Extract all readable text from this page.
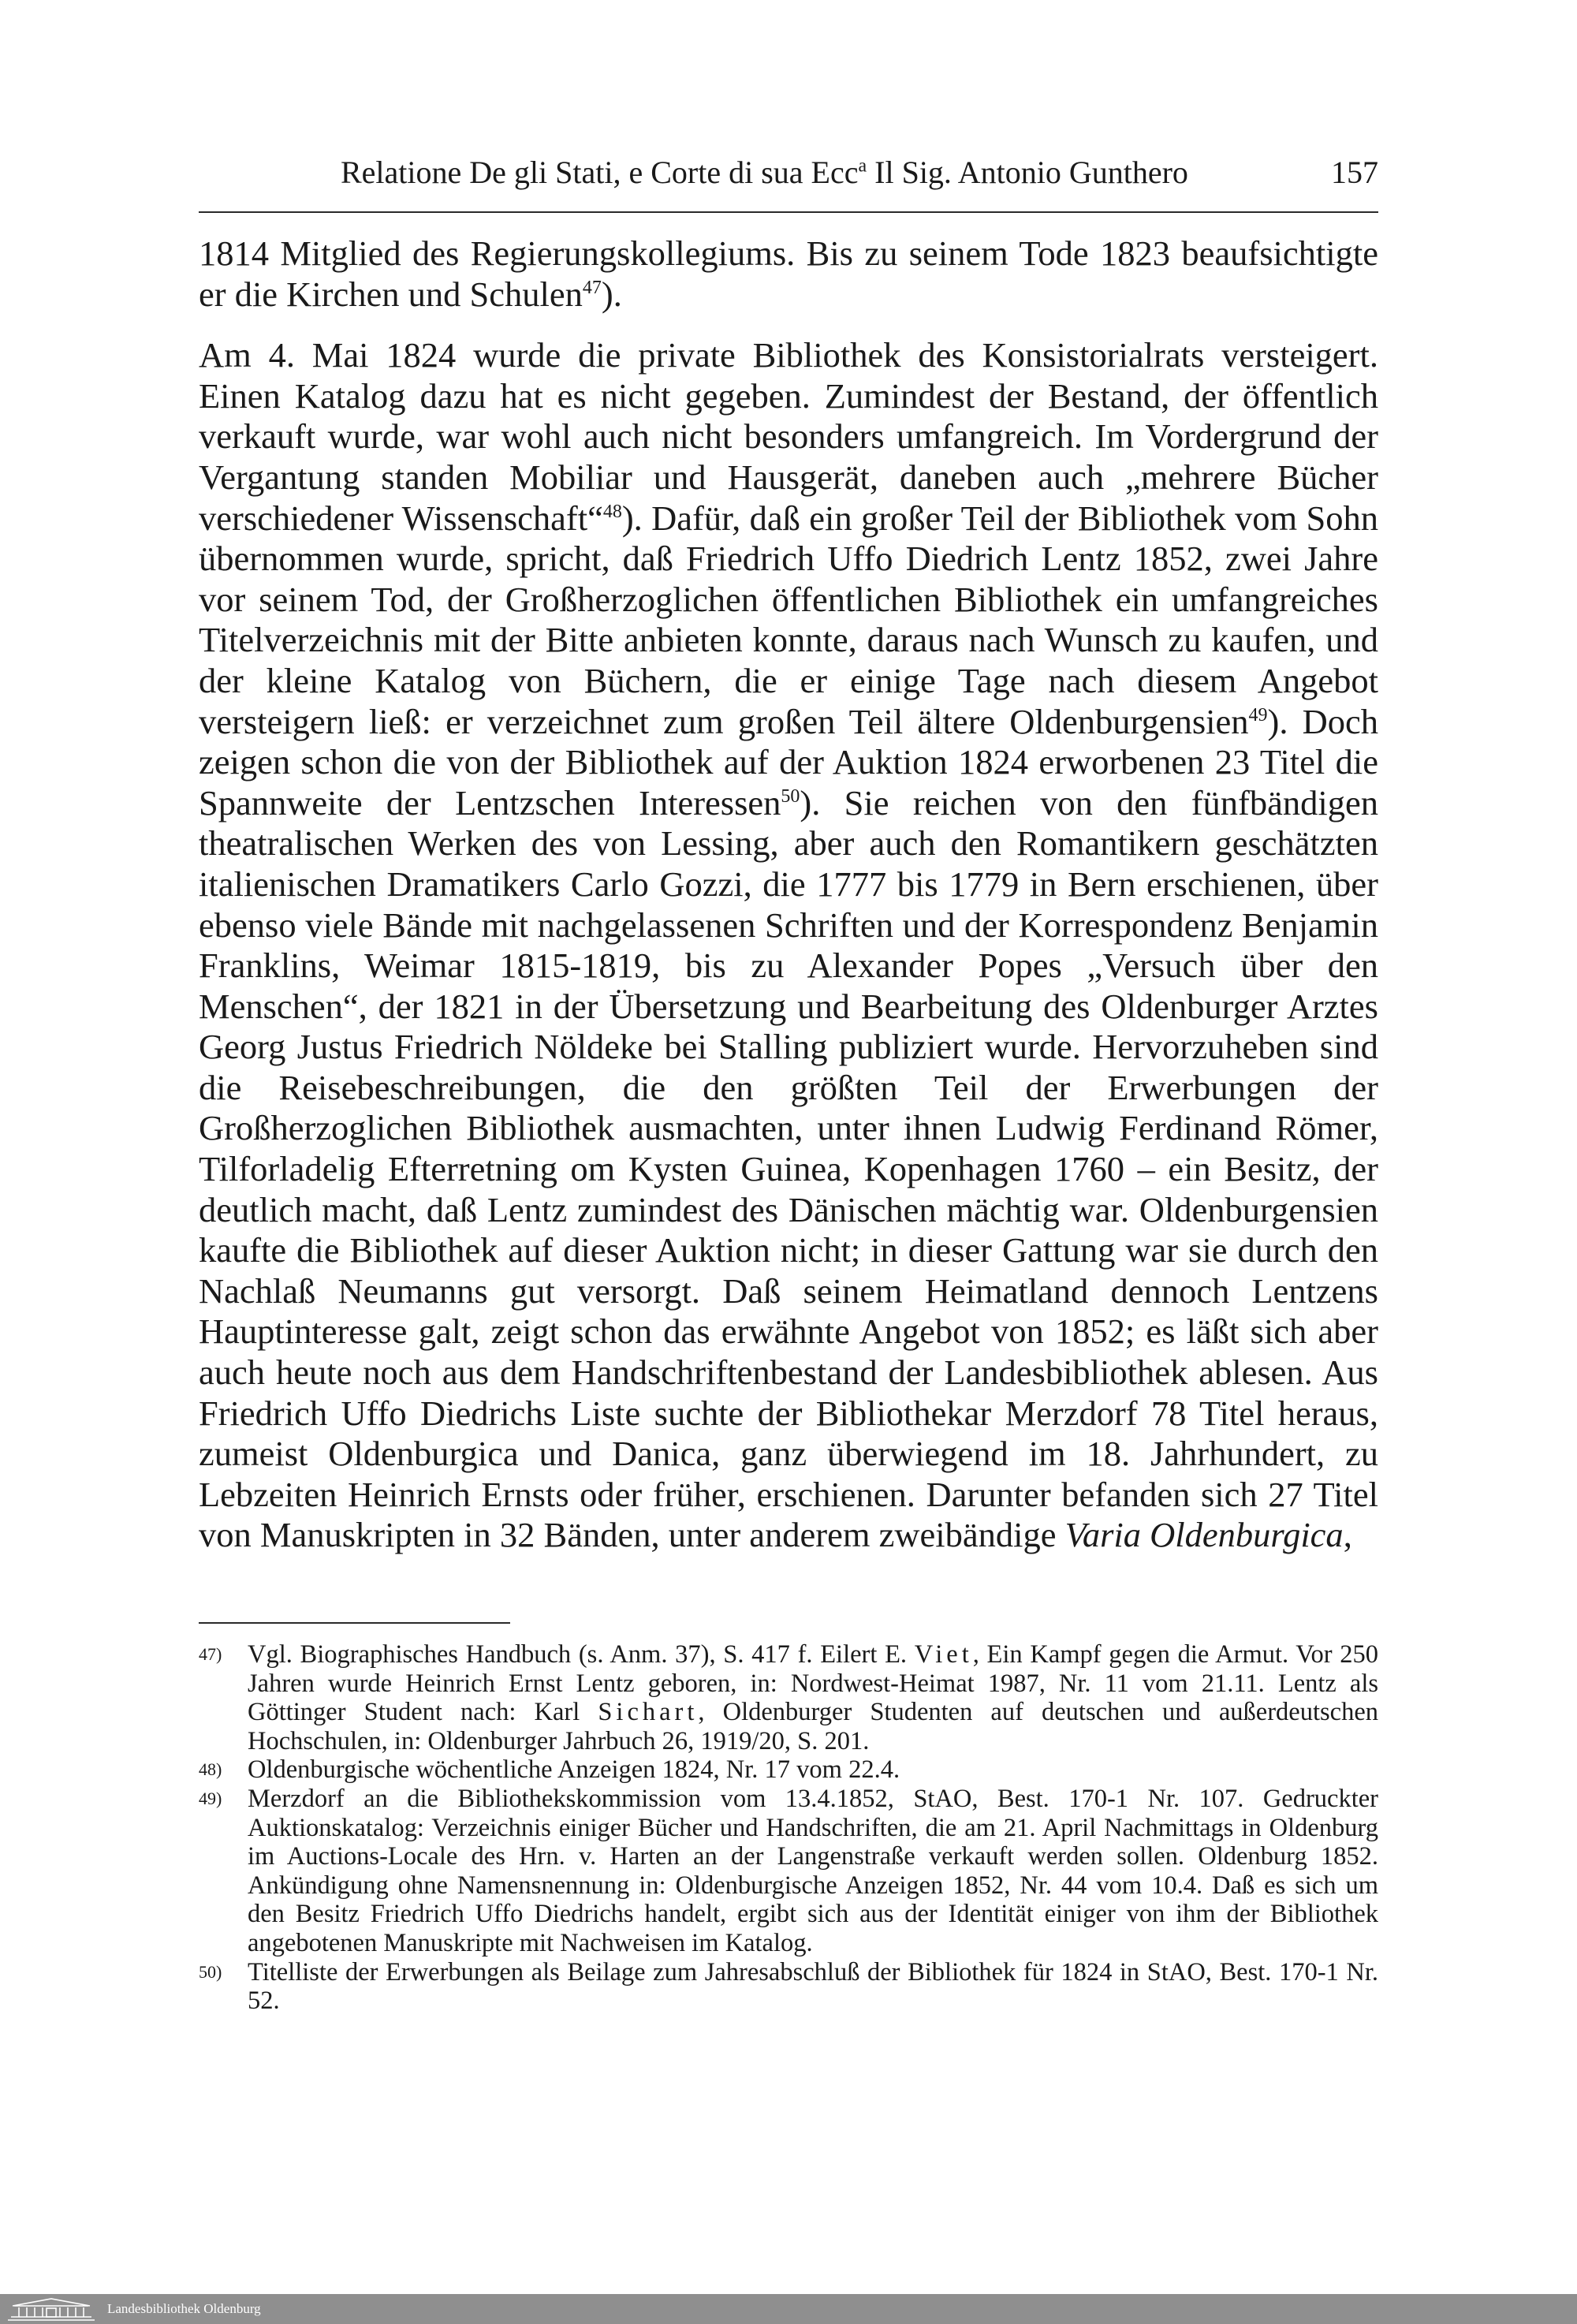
Relatione De gli Stati, e Corte di sua Ecc$^a$ Il Sig. Antonio Gunthero	157

1814 Mitglied des Regierungskollegiums. Bis zu seinem Tode 1823 beaufsichtigte er die Kirchen und Schulen$^{47}$).

Am 4. Mai 1824 wurde die private Bibliothek des Konsistorialrats versteigert. Einen Katalog dazu hat es nicht gegeben. Zumindest der Bestand, der öffentlich verkauft wurde, war wohl auch nicht besonders umfangreich. Im Vordergrund der Vergantung standen Mobiliar und Hausgerät, daneben auch „mehrere Bücher verschiedener Wissenschaft“$^{48}$). Dafür, daß ein großer Teil der Bibliothek vom Sohn übernommen wurde, spricht, daß Friedrich Uffo Diedrich Lentz 1852, zwei Jahre vor seinem Tod, der Großherzoglichen öffentlichen Bibliothek ein umfangreiches Titelverzeichnis mit der Bitte anbieten konnte, daraus nach Wunsch zu kaufen, und der kleine Katalog von Büchern, die er einige Tage nach diesem Angebot versteigern ließ: er verzeichnet zum großen Teil ältere Oldenburgensien$^{49}$). Doch zeigen schon die von der Bibliothek auf der Auktion 1824 erworbenen 23 Titel die Spannweite der Lentzschen Interessen$^{50}$). Sie reichen von den fünfbändigen theatralischen Werken des von Lessing, aber auch den Romantikern geschätzten italienischen Dramatikers Carlo Gozzi, die 1777 bis 1779 in Bern erschienen, über ebenso viele Bände mit nachgelassenen Schriften und der Korrespondenz Benjamin Franklins, Weimar 1815-1819, bis zu Alexander Popes „Versuch über den Menschen“, der 1821 in der Übersetzung und Bearbeitung des Oldenburger Arztes Georg Justus Friedrich Nöldeke bei Stalling publiziert wurde. Hervorzuheben sind die Reisebeschreibungen, die den größten Teil der Erwerbungen der Großherzoglichen Bibliothek ausmachten, unter ihnen Ludwig Ferdinand Römer, Tilforladelig Efterretning om Kysten Guinea, Kopenhagen 1760 – ein Besitz, der deutlich macht, daß Lentz zumindest des Dänischen mächtig war. Oldenburgensien kaufte die Bibliothek auf dieser Auktion nicht; in dieser Gattung war sie durch den Nachlaß Neumanns gut versorgt. Daß seinem Heimatland dennoch Lentzens Hauptinteresse galt, zeigt schon das erwähnte Angebot von 1852; es läßt sich aber auch heute noch aus dem Handschriftenbestand der Landesbibliothek ablesen. Aus Friedrich Uffo Diedrichs Liste suchte der Bibliothekar Merzdorf 78 Titel heraus, zumeist Oldenburgica und Danica, ganz überwiegend im 18. Jahrhundert, zu Lebzeiten Heinrich Ernsts oder früher, erschienen. Darunter befanden sich 27 Titel von Manuskripten in 32 Bänden, unter anderem zweibändige Varia Oldenburgica,

47) Vgl. Biographisches Handbuch (s. Anm. 37), S. 417 f. Eilert E. Viet, Ein Kampf gegen die Armut. Vor 250 Jahren wurde Heinrich Ernst Lentz geboren, in: Nordwest-Heimat 1987, Nr. 11 vom 21.11. Lentz als Göttinger Student nach: Karl Sichart, Oldenburger Studenten auf deutschen und außerdeutschen Hochschulen, in: Oldenburger Jahrbuch 26, 1919/20, S. 201.
48) Oldenburgische wöchentliche Anzeigen 1824, Nr. 17 vom 22.4.
49) Merzdorf an die Bibliothekskommission vom 13.4.1852, StAO, Best. 170-1 Nr. 107. Gedruckter Auktionskatalog: Verzeichnis einiger Bücher und Handschriften, die am 21. April Nachmittags in Oldenburg im Auctions-Locale des Hrn. v. Harten an der Langenstraße verkauft werden sollen. Oldenburg 1852. Ankündigung ohne Namensnennung in: Oldenburgische Anzeigen 1852, Nr. 44 vom 10.4. Daß es sich um den Besitz Friedrich Uffo Diedrichs handelt, ergibt sich aus der Identität einiger von ihm der Bibliothek angebotenen Manuskripte mit Nachweisen im Katalog.
50) Titelliste der Erwerbungen als Beilage zum Jahresabschluß der Bibliothek für 1824 in StAO, Best. 170-1 Nr. 52.
Landesbibliothek Oldenburg
